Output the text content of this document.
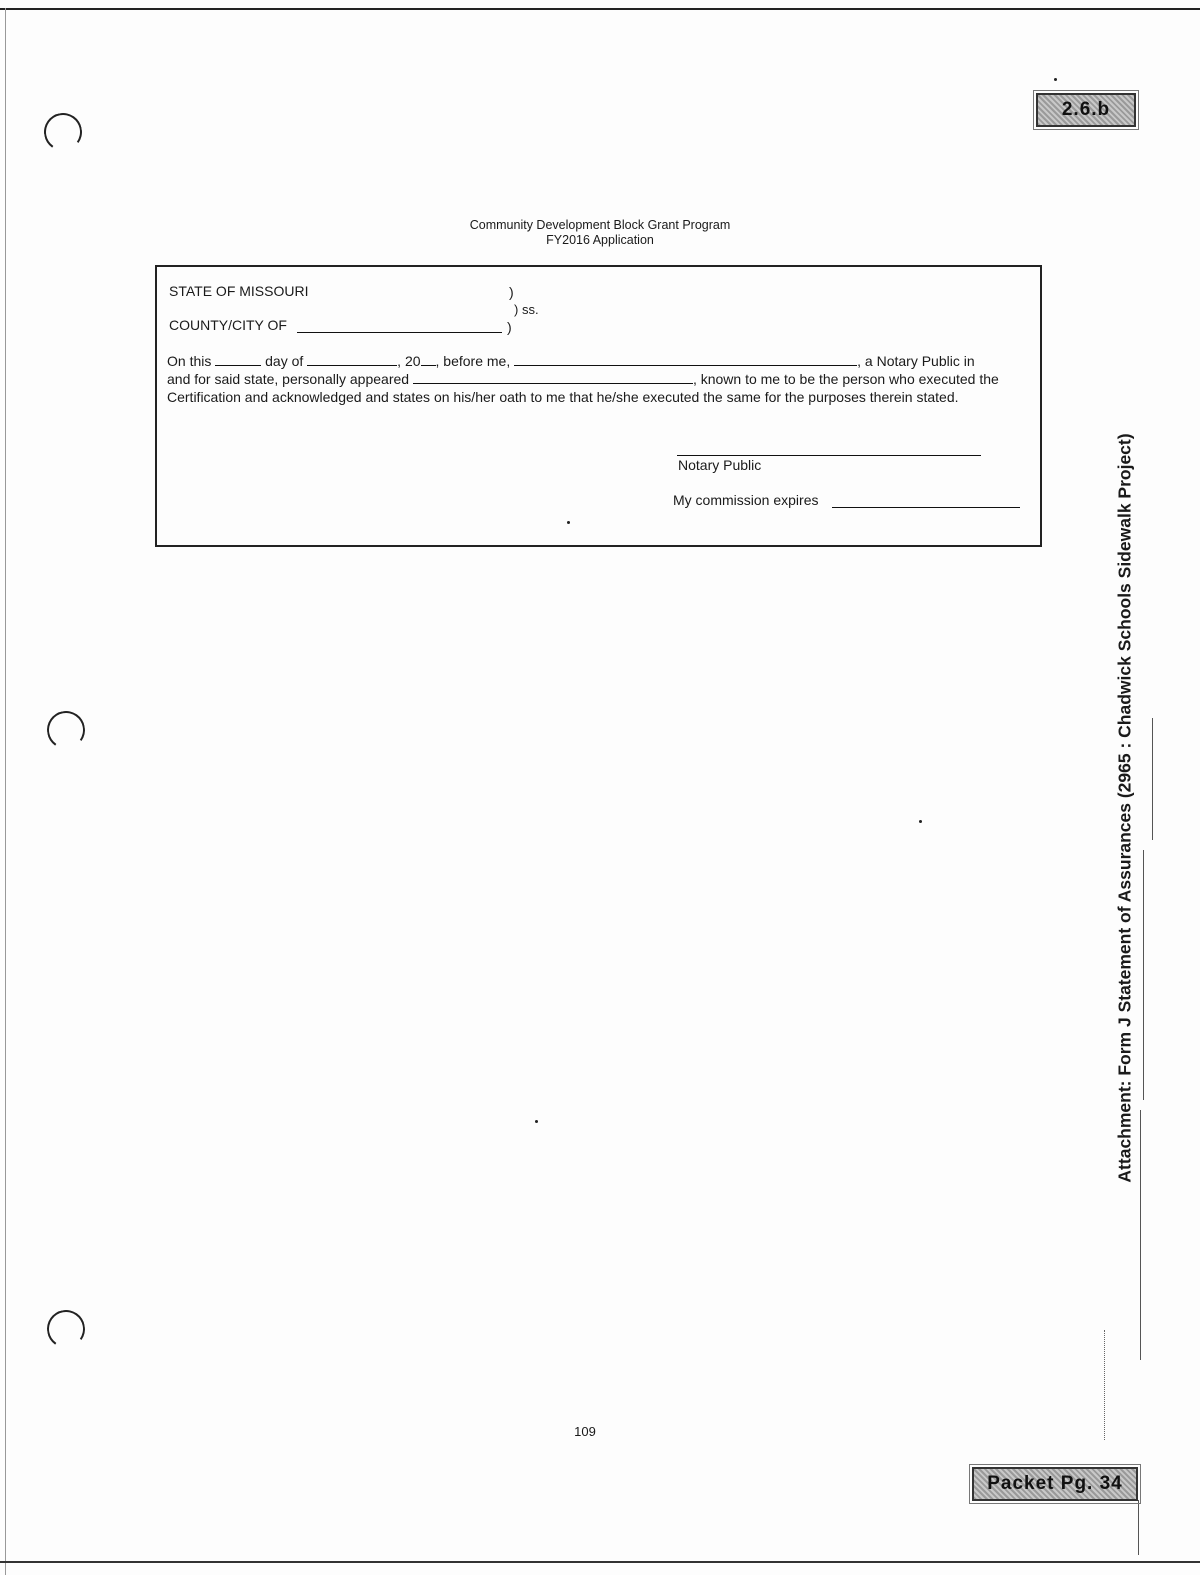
2.6.b
Community Development Block Grant Program
FY2016 Application
STATE OF MISSOURI	)
) ss.
COUNTY/CITY OF	)
On this	day of	, 20 , before me,	, a Notary Public in
and for said state, personally appeared	, known to me to be the person who executed the
Certification and acknowledged and states on his/her oath to me that he/she executed the same for the purposes therein stated.
Notary Public
My commission expires	Attachment: Form J Statement of Assurances (2965 : Chadwick Schools Sidewalk Project)
109
Packet Pg. 34
